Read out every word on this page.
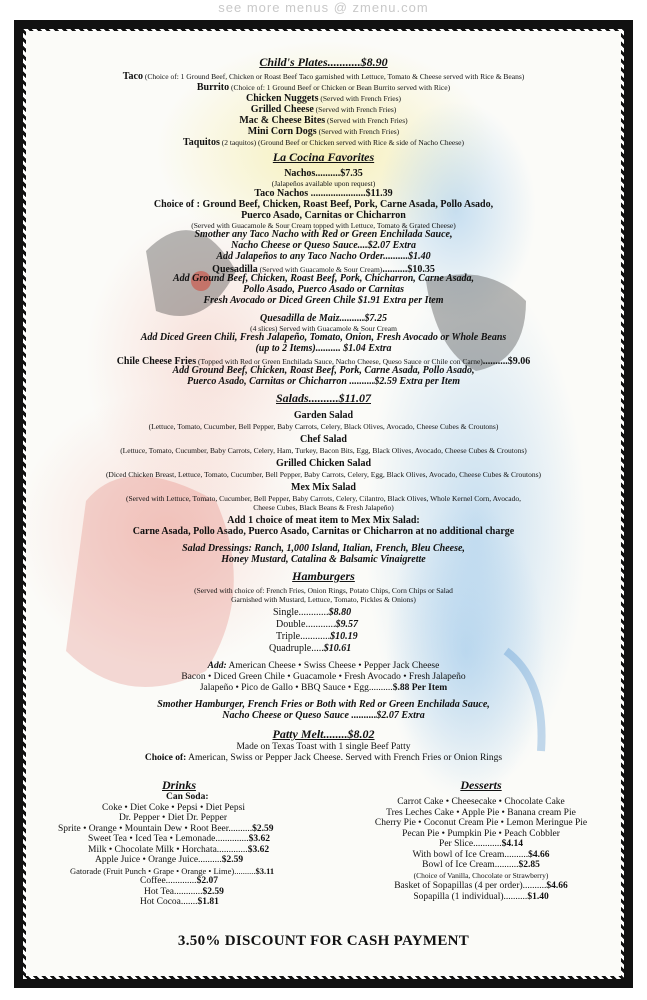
see more menus @ zmenu.com
Child's Plates...........$8.90
Taco (Choice of: 1 Ground Beef, Chicken or Roast Beef Taco garnished with Lettuce, Tomato & Cheese served with Rice & Beans)
Burrito (Choice of: 1 Ground Beef or Chicken or Bean Burrito served with Rice)
Chicken Nuggets (Served with French Fries)
Grilled Cheese (Served with French Fries)
Mac & Cheese Bites (Served with French Fries)
Mini Corn Dogs (Served with French Fries)
Taquitos (2 taquitos) (Ground Beef or Chicken served with Rice & side of Nacho Cheese)
La Cocina Favorites
Nachos..........$7.35
(Jalapeños available upon request)
Taco Nachos ......................$11.39
Choice of : Ground Beef, Chicken, Roast Beef, Pork, Carne Asada, Pollo Asado,
Puerco Asado, Carnitas or Chicharron
(Served with Guacamole & Sour Cream topped with Lettuce, Tomato & Grated Cheese)
Smother any Taco Nacho with Red or Green Enchilada Sauce,
Nacho Cheese or Queso Sauce....$2.07 Extra
Add Jalapeños to any Taco Nacho Order..........$1.40
Quesadilla (Served with Guacamole & Sour Cream)..........$10.35
Add Ground Beef, Chicken, Roast Beef, Pork, Chicharron, Carne Asada,
Pollo Asado, Puerco Asado or Carnitas
Fresh Avocado or Diced Green Chile $1.91 Extra per Item
Quesadilla de Maiz..........$7.25
(4 slices) Served with Guacamole & Sour Cream
Add Diced Green Chili, Fresh Jalapeño, Tomato, Onion, Fresh Avocado or Whole Beans
(up to 2 Items).......... $1.04 Extra
Chile Cheese Fries (Topped with Red or Green Enchilada Sauce, Nacho Cheese, Queso Sauce or Chile con Carne)..........$9.06
Add Ground Beef, Chicken, Roast Beef, Pork, Carne Asada, Pollo Asado,
Puerco Asado, Carnitas or Chicharron ..........$2.59 Extra per Item
Salads..........$11.07
Garden Salad
(Lettuce, Tomato, Cucumber, Bell Pepper, Baby Carrots, Celery, Black Olives, Avocado, Cheese Cubes & Croutons)
Chef Salad
(Lettuce, Tomato, Cucumber, Baby Carrots, Celery, Ham, Turkey, Bacon Bits, Egg, Black Olives, Avocado, Cheese Cubes & Croutons)
Grilled Chicken Salad
(Diced Chicken Breast, Lettuce, Tomato, Cucumber, Bell Pepper, Baby Carrots, Celery, Egg, Black Olives, Avocado, Cheese Cubes & Croutons)
Mex Mix Salad
(Served with Lettuce, Tomato, Cucumber, Bell Pepper, Baby Carrots, Celery, Cilantro, Black Olives, Whole Kernel Corn, Avocado,
Cheese Cubes, Black Beans & Fresh Jalapeño)
Add 1 choice of meat item to Mex Mix Salad:
Carne Asada, Pollo Asado, Puerco Asado, Carnitas or Chicharron at no additional charge
Salad Dressings: Ranch, 1,000 Island, Italian, French, Bleu Cheese,
Honey Mustard, Catalina & Balsamic Vinaigrette
Hamburgers
(Served with choice of: French Fries, Onion Rings, Potato Chips, Corn Chips or Salad
Garnished with Mustard, Lettuce, Tomato, Pickles & Onions)
Single............$8.80
Double............$9.57
Triple............$10.19
Quadruple.....$10.61
Add: American Cheese • Swiss Cheese • Pepper Jack Cheese
Bacon • Diced Green Chile • Guacamole • Fresh Avocado • Fresh Jalapeño
Jalapeño • Pico de Gallo • BBQ Sauce • Egg..........$.88 Per Item
Smother Hamburger, French Fries or Both with Red or Green Enchilada Sauce,
Nacho Cheese or Queso Sauce ..........$2.07 Extra
Patty Melt........$8.02
Made on Texas Toast with 1 single Beef Patty
Choice of: American, Swiss or Pepper Jack Cheese. Served with French Fries or Onion Rings
Drinks
Can Soda:
Coke • Diet Coke • Pepsi • Diet Pepsi
Dr. Pepper • Diet Dr. Pepper
Sprite • Orange • Mountain Dew • Root Beer..........$2.59
Sweet Tea • Iced Tea • Lemonade..............$3.62
Milk • Chocolate Milk • Horchata.............$3.62
Apple Juice • Orange Juice..........$2.59
Gatorade (Fruit Punch • Grape • Orange • Lime)..........$3.11
Coffee.............$2.07
Hot Tea............$2.59
Hot Cocoa.......$1.81
Desserts
Carrot Cake • Cheesecake • Chocolate Cake
Tres Leches Cake • Apple Pie • Banana cream Pie
Cherry Pie • Coconut Cream Pie • Lemon Meringue Pie
Pecan Pie • Pumpkin Pie • Peach Cobbler
Per Slice............$4.14
With bowl of Ice Cream..........$4.66
Bowl of Ice Cream..........$2.85
(Choice of Vanilla, Chocolate or Strawberry)
Basket of Sopapillas (4 per order)..........$4.66
Sopapilla (1 individual)..........$1.40
3.50% DISCOUNT FOR CASH PAYMENT
